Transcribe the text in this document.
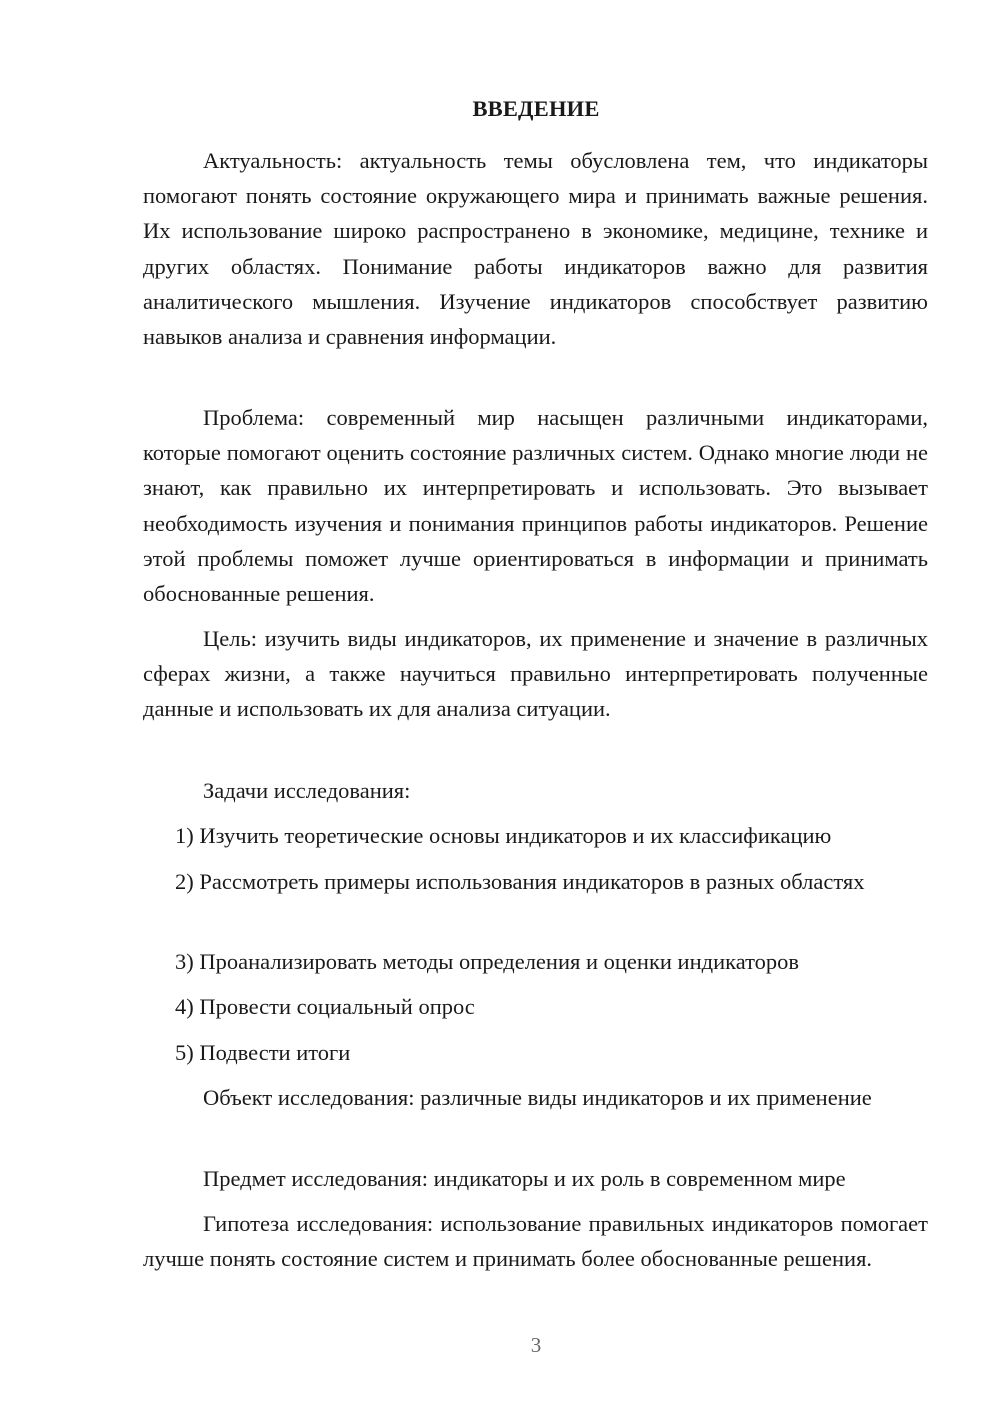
ВВЕДЕНИЕ

Актуальность: актуальность темы обусловлена тем, что индикаторы помогают понять состояние окружающего мира и принимать важные решения. Их использование широко распространено в экономике, медицине, технике и других областях. Понимание работы индикаторов важно для развития аналитического мышления. Изучение индикаторов способствует развитию навыков анализа и сравнения информации.

Проблема: современный мир насыщен различными индикаторами, которые помогают оценить состояние различных систем. Однако многие люди не знают, как правильно их интерпретировать и использовать. Это вызывает необходимость изучения и понимания принципов работы индикаторов. Решение этой проблемы поможет лучше ориентироваться в информации и принимать обоснованные решения.

Цель: изучить виды индикаторов, их применение и значение в различных сферах жизни, а также научиться правильно интерпретировать полученные данные и использовать их для анализа ситуации.

Задачи исследования:

1) Изучить теоретические основы индикаторов и их классификацию

2) Рассмотреть примеры использования индикаторов в разных областях

3) Проанализировать методы определения и оценки индикаторов

4) Провести социальный опрос

5) Подвести итоги

Объект исследования: различные виды индикаторов и их применение

Предмет исследования: индикаторы и их роль в современном мире

Гипотеза исследования: использование правильных индикаторов помогает лучше понять состояние систем и принимать более обоснованные решения.

3
